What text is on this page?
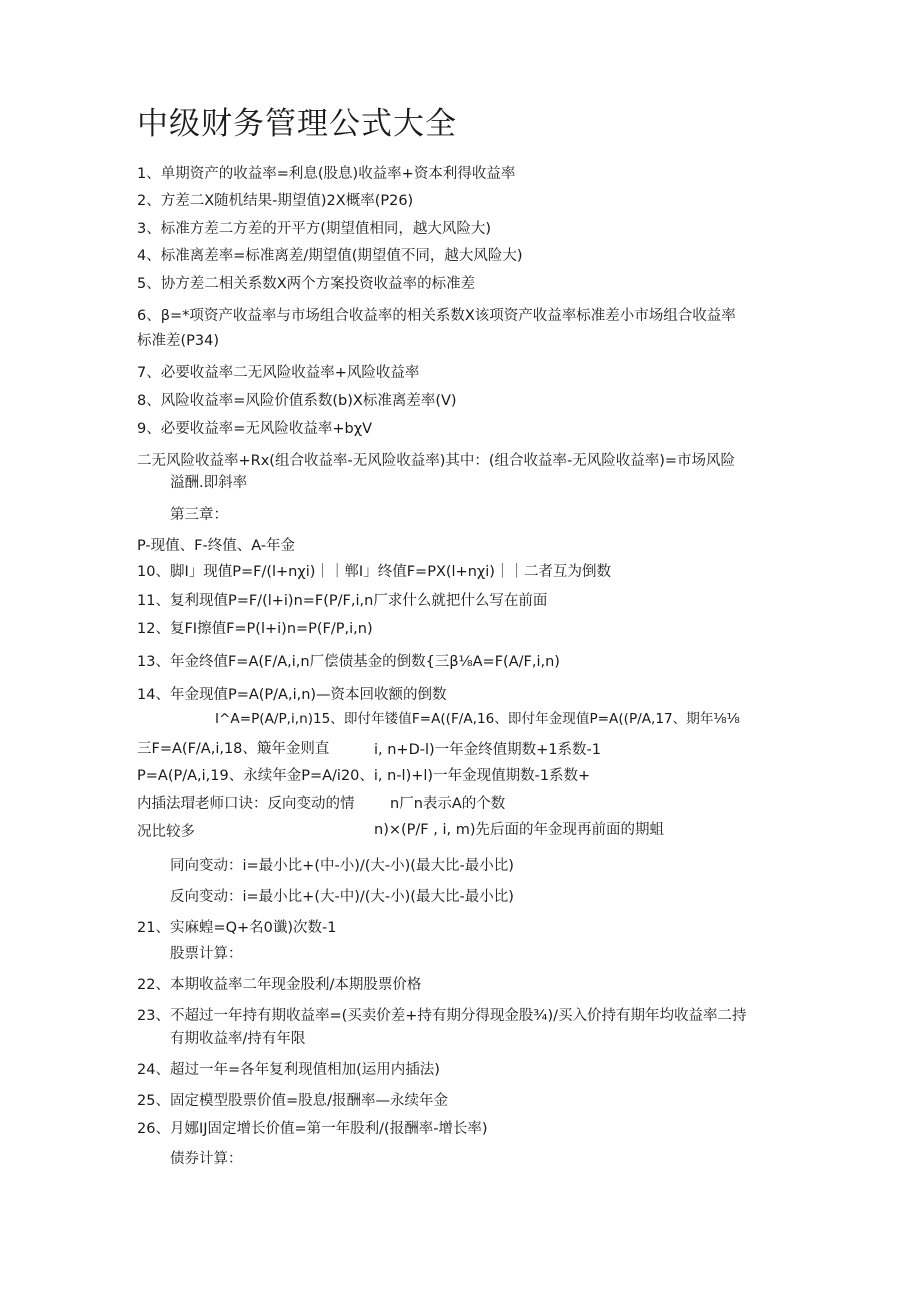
中级财务管理公式大全
1、单期资产的收益率=利息(股息)收益率+资本利得收益率
2、方差二X随机结果-期望值)2X概率(P26)
3、标准方差二方差的开平方(期望值相同，越大风险大)
4、标准离差率=标准离差/期望值(期望值不同，越大风险大)
5、协方差二相关系数X两个方案投资收益率的标准差
6、β=*项资产收益率与市场组合收益率的相关系数X该项资产收益率标准差小市场组合收益率
标准差(P34)
7、必要收益率二无风险收益率+风险收益率
8、风险收益率=风险价值系数(b)X标准离差率(V)
9、必要收益率=无风险收益率+bχV
二无风险收益率+Rx(组合收益率-无风险收益率)其中：(组合收益率-无风险收益率)=市场风险
溢酬.即斜率
第三章：
P-现值、F-终值、A-年金
10、脚I」现值P=F∕(l+nχi)｜｜郸I」终值F=PX(l+nχi)｜｜二者互为倒数
11、复利现值P=F∕(l+i)n=F(P∕F,i,n厂求什么就把什么写在前面
12、复FI擦值F=P(l+i)n=P(F∕P,i,n)
13、年金终值F=A(F∕A,i,n厂偿债基金的倒数{三β⅛A=F(A∕F,i,n)
14、年金现值P=A(P∕A,i,n)—资本回收额的倒数
I^A=P(A∕P,i,n)15、即付年镂值F=A((F∕A,16、即付年金现值P=A((P∕A,17、期年⅛⅛
三F=A(F∕A,i,18、簸年金则直	i, n+D-l)一年金终值期数+1系数-1
P=A(P∕A,i,19、永续年金P=A∕i20、i, n-l)+l)一年金现值期数-1系数+
内插法瑁老师口诀：反向变动的情 n厂n表示A的个数
况比较多	n)×(P∕F , i, m)先后面的年金现再前面的期蛆
同向变动：i=最小比+(中-小)/(大-小)(最大比-最小比)
反向变动：i=最小比+(大-中)/(大-小)(最大比-最小比)
21、实麻蝗=Q+名0谶)次数-1
股票计算：
22、本期收益率二年现金股利/本期股票价格
23、不超过一年持有期收益率=(买卖价差+持有期分得现金股¾)/买入价持有期年均收益率二持
有期收益率/持有年限
24、超过一年=各年复利现值相加(运用内插法)
25、固定模型股票价值=股息/报酬率—永续年金
26、月娜IJ固定增长价值=第一年股利/(报酬率-增长率)
债券计算：
